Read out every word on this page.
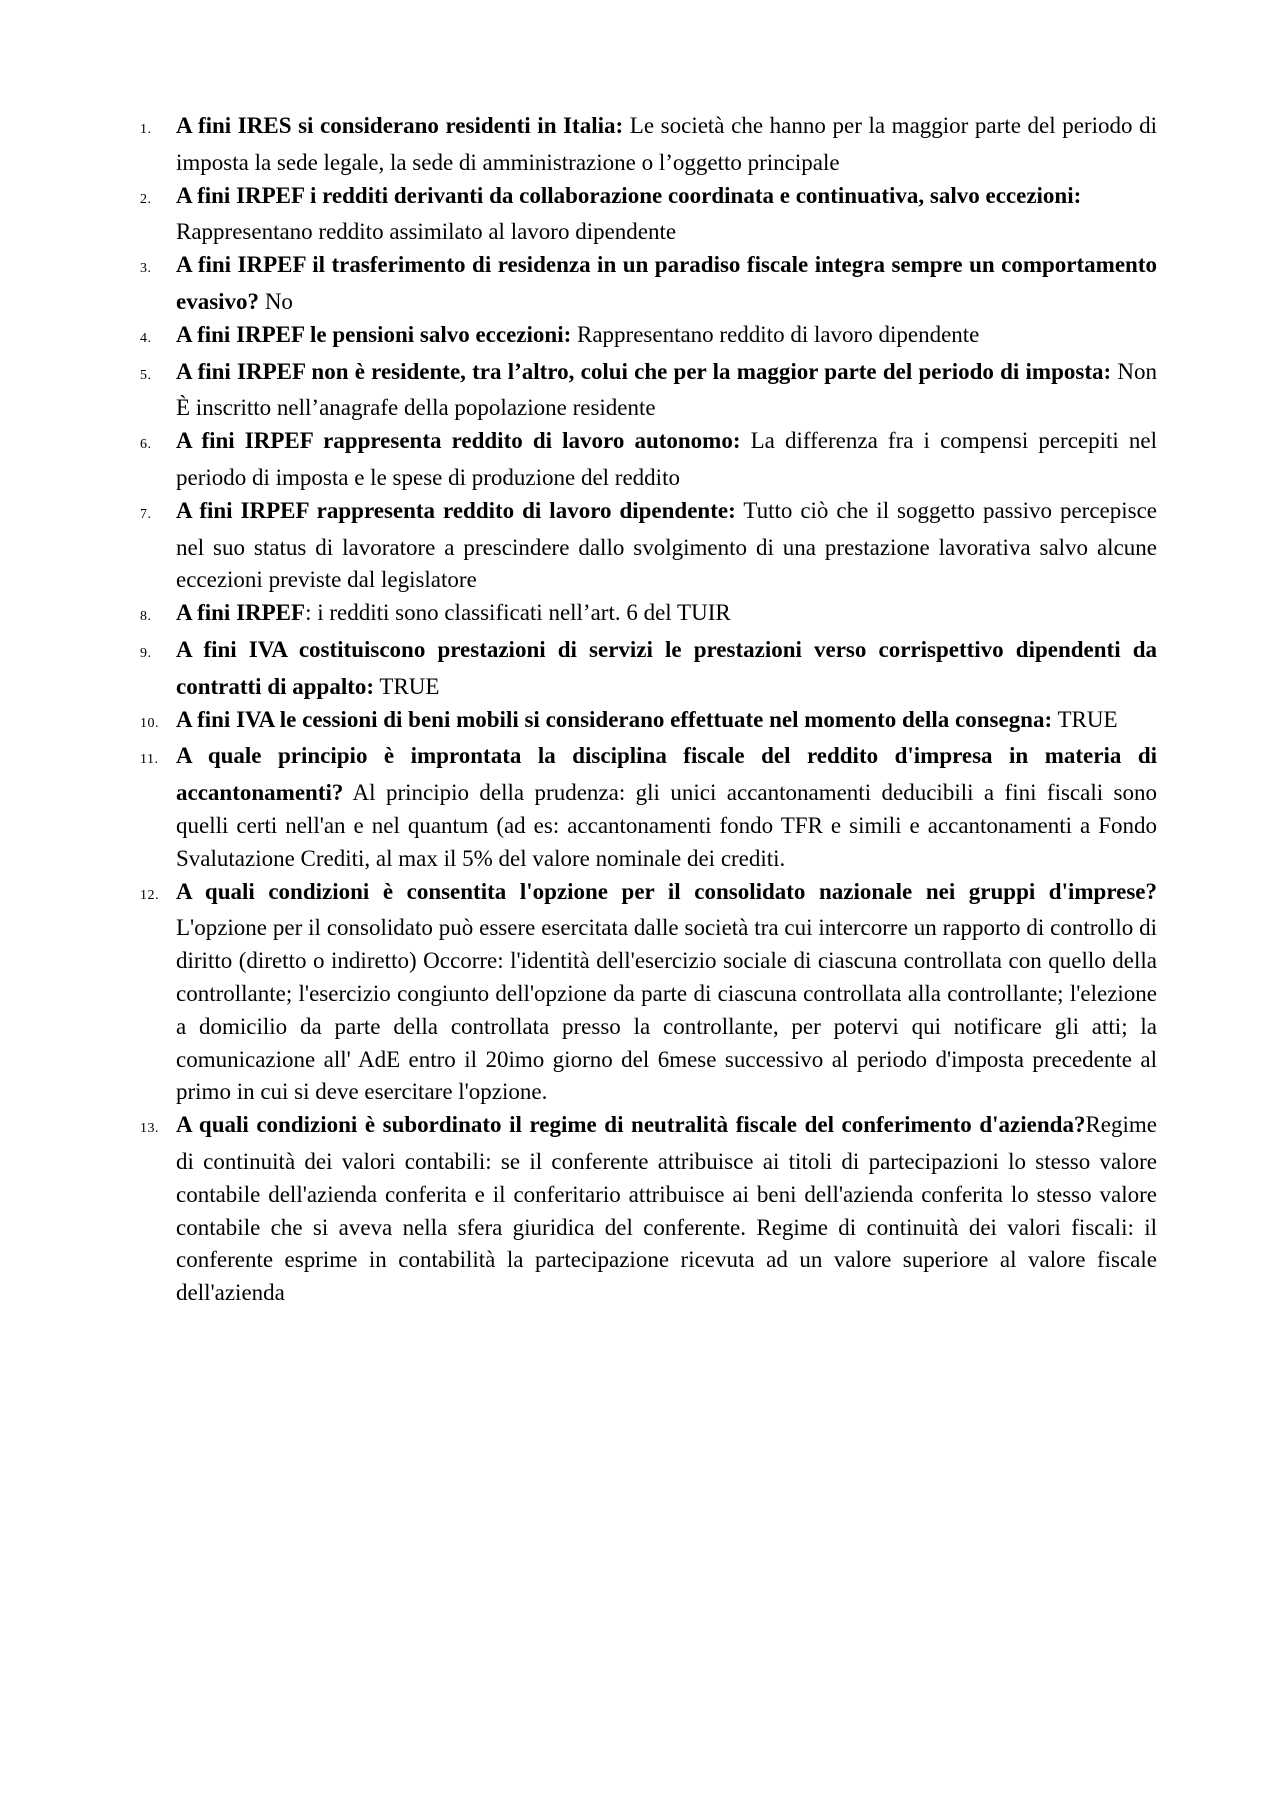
1. A fini IRES si considerano residenti in Italia: Le società che hanno per la maggior parte del periodo di imposta la sede legale, la sede di amministrazione o l’oggetto principale
2. A fini IRPEF i redditi derivanti da collaborazione coordinata e continuativa, salvo eccezioni: Rappresentano reddito assimilato al lavoro dipendente
3. A fini IRPEF il trasferimento di residenza in un paradiso fiscale integra sempre un comportamento evasivo? No
4. A fini IRPEF le pensioni salvo eccezioni: Rappresentano reddito di lavoro dipendente
5. A fini IRPEF non è residente, tra l’altro, colui che per la maggior parte del periodo di imposta: Non È inscritto nell’anagrafe della popolazione residente
6. A fini IRPEF rappresenta reddito di lavoro autonomo: La differenza fra i compensi percepiti nel periodo di imposta e le spese di produzione del reddito
7. A fini IRPEF rappresenta reddito di lavoro dipendente: Tutto ciò che il soggetto passivo percepisce nel suo status di lavoratore a prescindere dallo svolgimento di una prestazione lavorativa salvo alcune eccezioni previste dal legislatore
8. A fini IRPEF: i redditi sono classificati nell’art. 6 del TUIR
9. A fini IVA costituiscono prestazioni di servizi le prestazioni verso corrispettivo dipendenti da contratti di appalto: TRUE
10. A fini IVA le cessioni di beni mobili si considerano effettuate nel momento della consegna: TRUE
11. A quale principio è improntata la disciplina fiscale del reddito d'impresa in materia di accantonamenti? Al principio della prudenza: gli unici accantonamenti deducibili a fini fiscali sono quelli certi nell'an e nel quantum (ad es: accantonamenti fondo TFR e simili e accantonamenti a Fondo Svalutazione Crediti, al max il 5% del valore nominale dei crediti.
12. A quali condizioni è consentita l'opzione per il consolidato nazionale nei gruppi d'imprese? L'opzione per il consolidato può essere esercitata dalle società tra cui intercorre un rapporto di controllo di diritto (diretto o indiretto) Occorre: l'identità dell'esercizio sociale di ciascuna controllata con quello della controllante; l'esercizio congiunto dell'opzione da parte di ciascuna controllata alla controllante; l'elezione a domicilio da parte della controllata presso la controllante, per potervi qui notificare gli atti; la comunicazione all' AdE entro il 20imo giorno del 6mese successivo al periodo d'imposta precedente al primo in cui si deve esercitare l'opzione.
13. A quali condizioni è subordinato il regime di neutralità fiscale del conferimento d'azienda?Regime di continuità dei valori contabili: se il conferente attribuisce ai titoli di partecipazioni lo stesso valore contabile dell'azienda conferita e il conferitario attribuisce ai beni dell'azienda conferita lo stesso valore contabile che si aveva nella sfera giuridica del conferente. Regime di continuità dei valori fiscali: il conferente esprime in contabilità la partecipazione ricevuta ad un valore superiore al valore fiscale dell'azienda
